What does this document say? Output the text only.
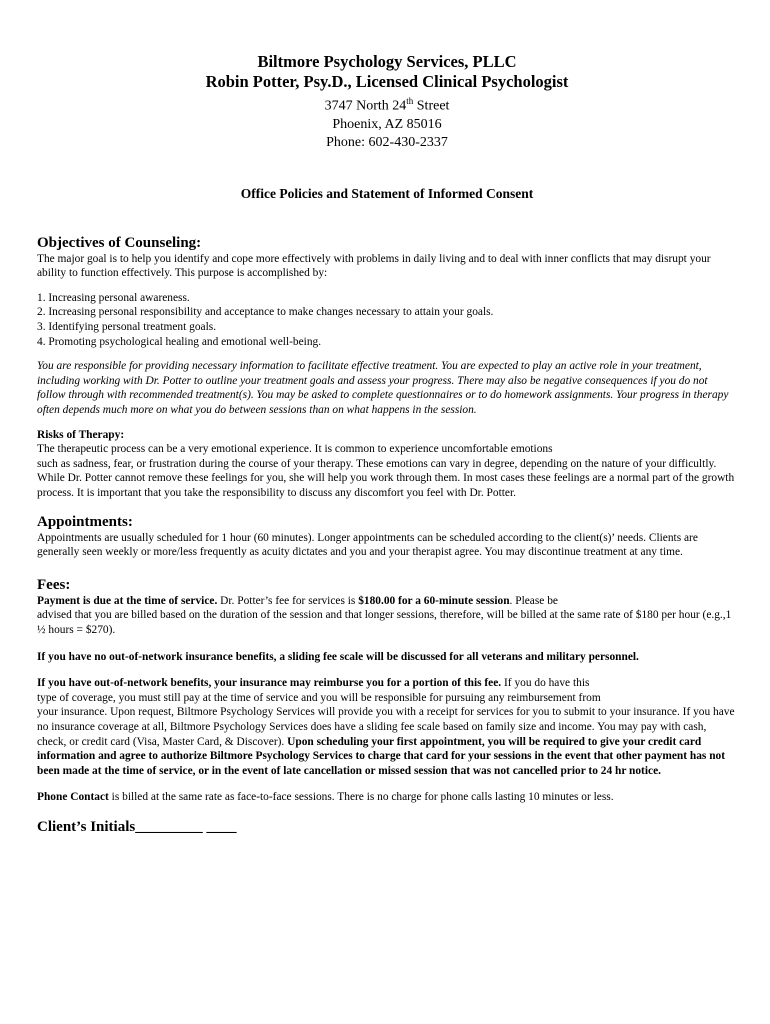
Biltmore Psychology Services, PLLC
Robin Potter, Psy.D., Licensed Clinical Psychologist
3747 North 24th Street
Phoenix, AZ 85016
Phone: 602-430-2337
Office Policies and Statement of Informed Consent
Objectives of Counseling:

The major goal is to help you identify and cope more effectively with problems in daily living and to deal with inner conflicts that may disrupt your ability to function effectively. This purpose is accomplished by:

1. Increasing personal awareness.

2. Increasing personal responsibility and acceptance to make changes necessary to attain your goals.

3. Identifying personal treatment goals.

4. Promoting psychological healing and emotional well-being.

You are responsible for providing necessary information to facilitate effective treatment. You are expected to play an active role in your treatment, including working with Dr. Potter to outline your treatment goals and assess your progress. There may also be negative consequences if you do not follow through with recommended treatment(s). You may be asked to complete questionnaires or to do homework assignments. Your progress in therapy often depends much more on what you do between sessions than on what happens in the session.

Risks of Therapy:

The therapeutic process can be a very emotional experience. It is common to experience uncomfortable emotions

such as sadness, fear, or frustration during the course of your therapy. These emotions can vary in degree, depending on the nature of your difficultly. While Dr. Potter cannot remove these feelings for you, she will help you work through them. In most cases these feelings are a normal part of the growth process. It is important that you take the responsibility to discuss any discomfort you feel with Dr. Potter.

Appointments:

Appointments are usually scheduled for 1 hour (60 minutes). Longer appointments can be scheduled according to the client(s)’ needs. Clients are generally seen weekly or more/less frequently as acuity dictates and you and your therapist agree. You may discontinue treatment at any time.

Fees:

Payment is due at the time of service. Dr. Potter’s fee for services is $180.00 for a 60-minute session. Please be

advised that you are billed based on the duration of the session and that longer sessions, therefore, will be billed at the same rate of $180 per hour (e.g.,1 ½ hours = $270).

If you have no out-of-network insurance benefits, a sliding fee scale will be discussed for all veterans and military personnel.

If you have out-of-network benefits, your insurance may reimburse you for a portion of this fee. If you do have this

type of coverage, you must still pay at the time of service and you will be responsible for pursuing any reimbursement from

your insurance. Upon request, Biltmore Psychology Services will provide you with a receipt for services for you to submit to your insurance. If you have no insurance coverage at all, Biltmore Psychology Services does have a sliding fee scale based on family size and income. You may pay with cash, check, or credit card (Visa, Master Card, & Discover). Upon scheduling your first appointment, you will be required to give your credit card information and agree to authorize Biltmore Psychology Services to charge that card for your sessions in the event that other payment has not been made at the time of service, or in the event of late cancellation or missed session that was not cancelled prior to 24 hr notice.

Phone Contact is billed at the same rate as face-to-face sessions. There is no charge for phone calls lasting 10 minutes or less.

Client’s Initials_________ ____
